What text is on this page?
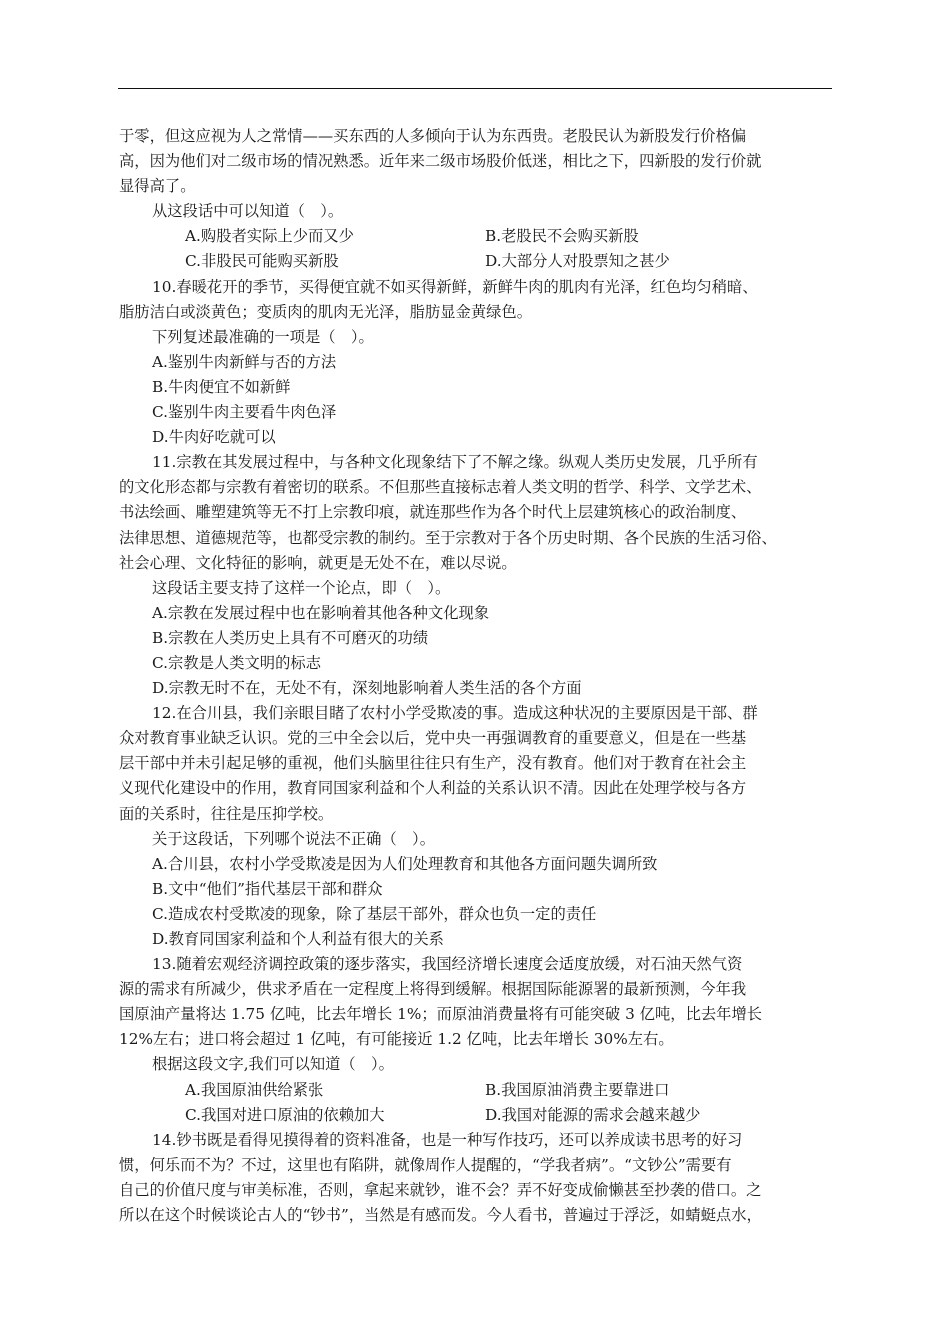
于零，但这应视为人之常情——买东西的人多倾向于认为东西贵。老股民认为新股发行价格偏

高，因为他们对二级市场的情况熟悉。近年来二级市场股价低迷，相比之下，四新股的发行价就

显得高了。

从这段话中可以知道（　）。

A.购股者实际上少而又少	B.老股民不会购买新股
C.非股民可能购买新股	D.大部分人对股票知之甚少

10.春暖花开的季节，买得便宜就不如买得新鲜，新鲜牛肉的肌肉有光泽，红色均匀稍暗、

脂肪洁白或淡黄色；变质肉的肌肉无光泽，脂肪显金黄绿色。

下列复述最准确的一项是（　）。

A.鉴别牛肉新鲜与否的方法

B.牛肉便宜不如新鲜

C.鉴别牛肉主要看牛肉色泽

D.牛肉好吃就可以

11.宗教在其发展过程中，与各种文化现象结下了不解之缘。纵观人类历史发展，几乎所有

的文化形态都与宗教有着密切的联系。不但那些直接标志着人类文明的哲学、科学、文学艺术、

书法绘画、雕塑建筑等无不打上宗教印痕，就连那些作为各个时代上层建筑核心的政治制度、

法律思想、道德规范等，也都受宗教的制约。至于宗教对于各个历史时期、各个民族的生活习俗、

社会心理、文化特征的影响，就更是无处不在，难以尽说。

这段话主要支持了这样一个论点，即（　）。

A.宗教在发展过程中也在影响着其他各种文化现象

B.宗教在人类历史上具有不可磨灭的功绩

C.宗教是人类文明的标志

D.宗教无时不在，无处不有，深刻地影响着人类生活的各个方面

12.在合川县，我们亲眼目睹了农村小学受欺凌的事。造成这种状况的主要原因是干部、群

众对教育事业缺乏认识。党的三中全会以后，党中央一再强调教育的重要意义，但是在一些基

层干部中并未引起足够的重视，他们头脑里往往只有生产，没有教育。他们对于教育在社会主

义现代化建设中的作用，教育同国家利益和个人利益的关系认识不清。因此在处理学校与各方

面的关系时，往往是压抑学校。

关于这段话，下列哪个说法不正确（　）。

A.合川县，农村小学受欺凌是因为人们处理教育和其他各方面问题失调所致

B.文中“他们”指代基层干部和群众

C.造成农村受欺凌的现象，除了基层干部外，群众也负一定的责任

D.教育同国家利益和个人利益有很大的关系

13.随着宏观经济调控政策的逐步落实，我国经济增长速度会适度放缓，对石油天然气资

源的需求有所减少，供求矛盾在一定程度上将得到缓解。根据国际能源署的最新预测，今年我

国原油产量将达 1.75 亿吨，比去年增长 1%；而原油消费量将有可能突破 3 亿吨，比去年增长

12%左右；进口将会超过 1 亿吨，有可能接近 1.2 亿吨，比去年增长 30%左右。

根据这段文字,我们可以知道（　）。

A.我国原油供给紧张	B.我国原油消费主要靠进口
C.我国对进口原油的依赖加大	D.我国对能源的需求会越来越少

14.钞书既是看得见摸得着的资料准备，也是一种写作技巧，还可以养成读书思考的好习

惯，何乐而不为？不过，这里也有陷阱，就像周作人提醒的，“学我者病”。“文钞公”需要有

自己的价值尺度与审美标准，否则，拿起来就钞，谁不会？弄不好变成偷懒甚至抄袭的借口。之

所以在这个时候谈论古人的“钞书”，当然是有感而发。今人看书，普遍过于浮泛，如蜻蜓点水，
